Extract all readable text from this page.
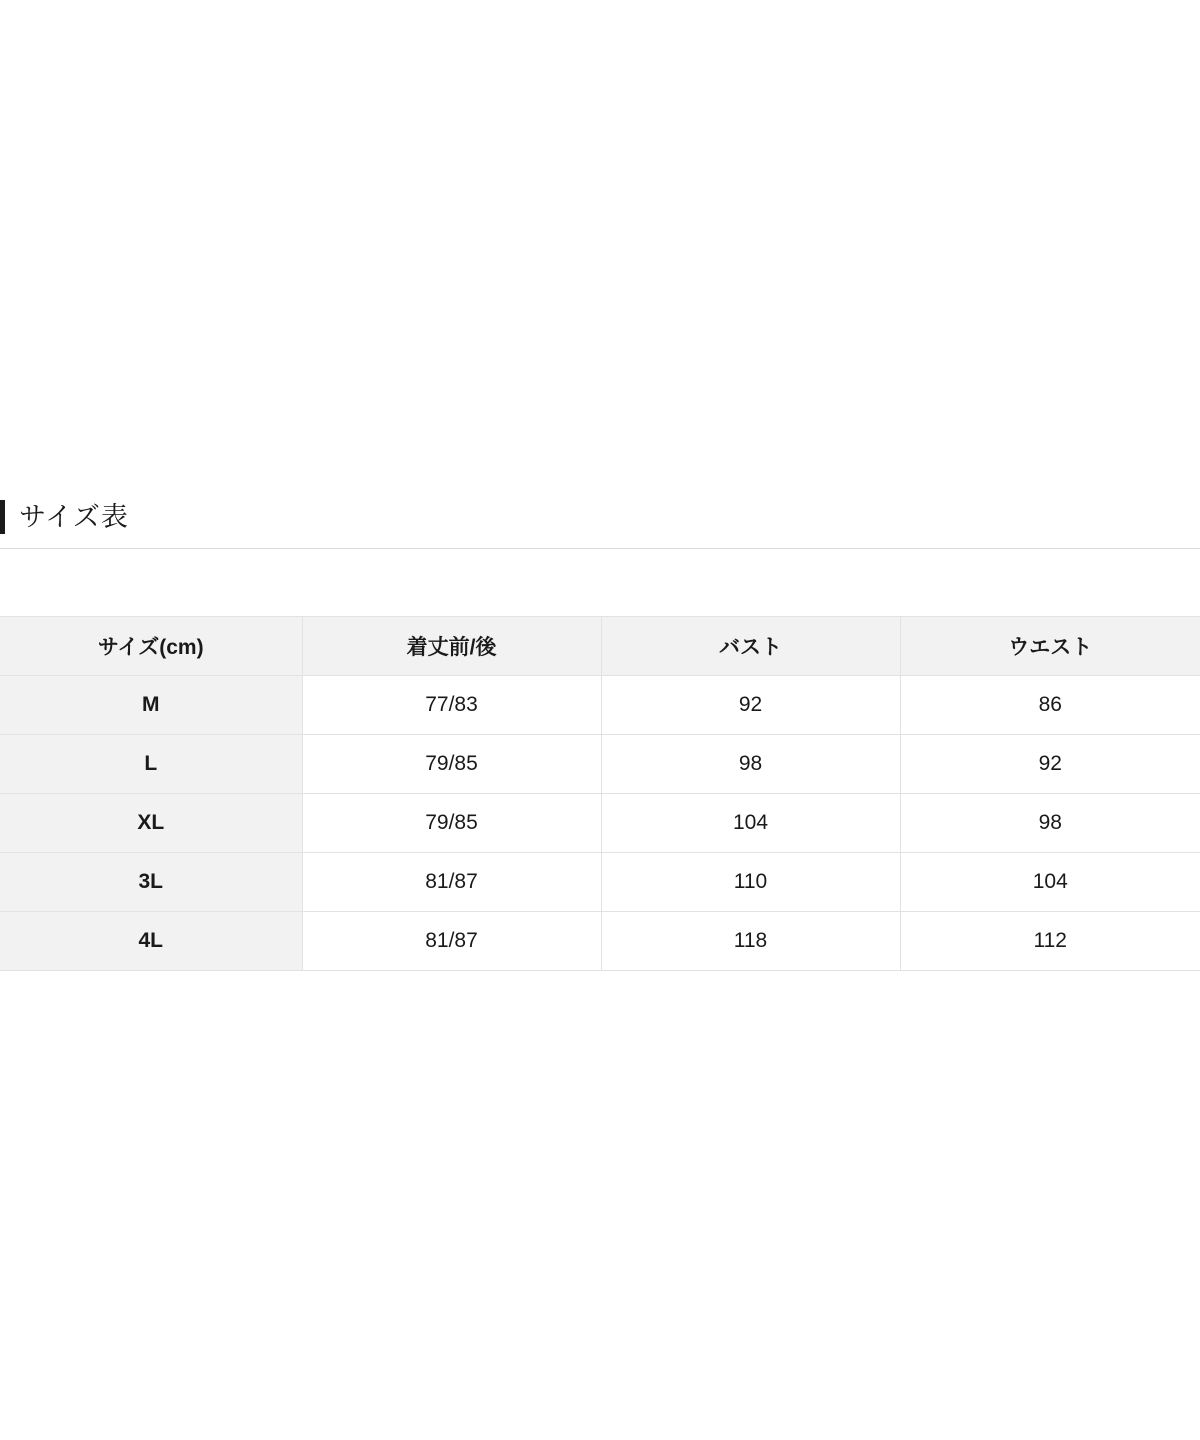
サイズ表
サイズ(cm)	着丈前/後	バスト	ウエスト
M	77/83	92	86
L	79/85	98	92
XL	79/85	104	98
3L	81/87	110	104
4L	81/87	118	112
